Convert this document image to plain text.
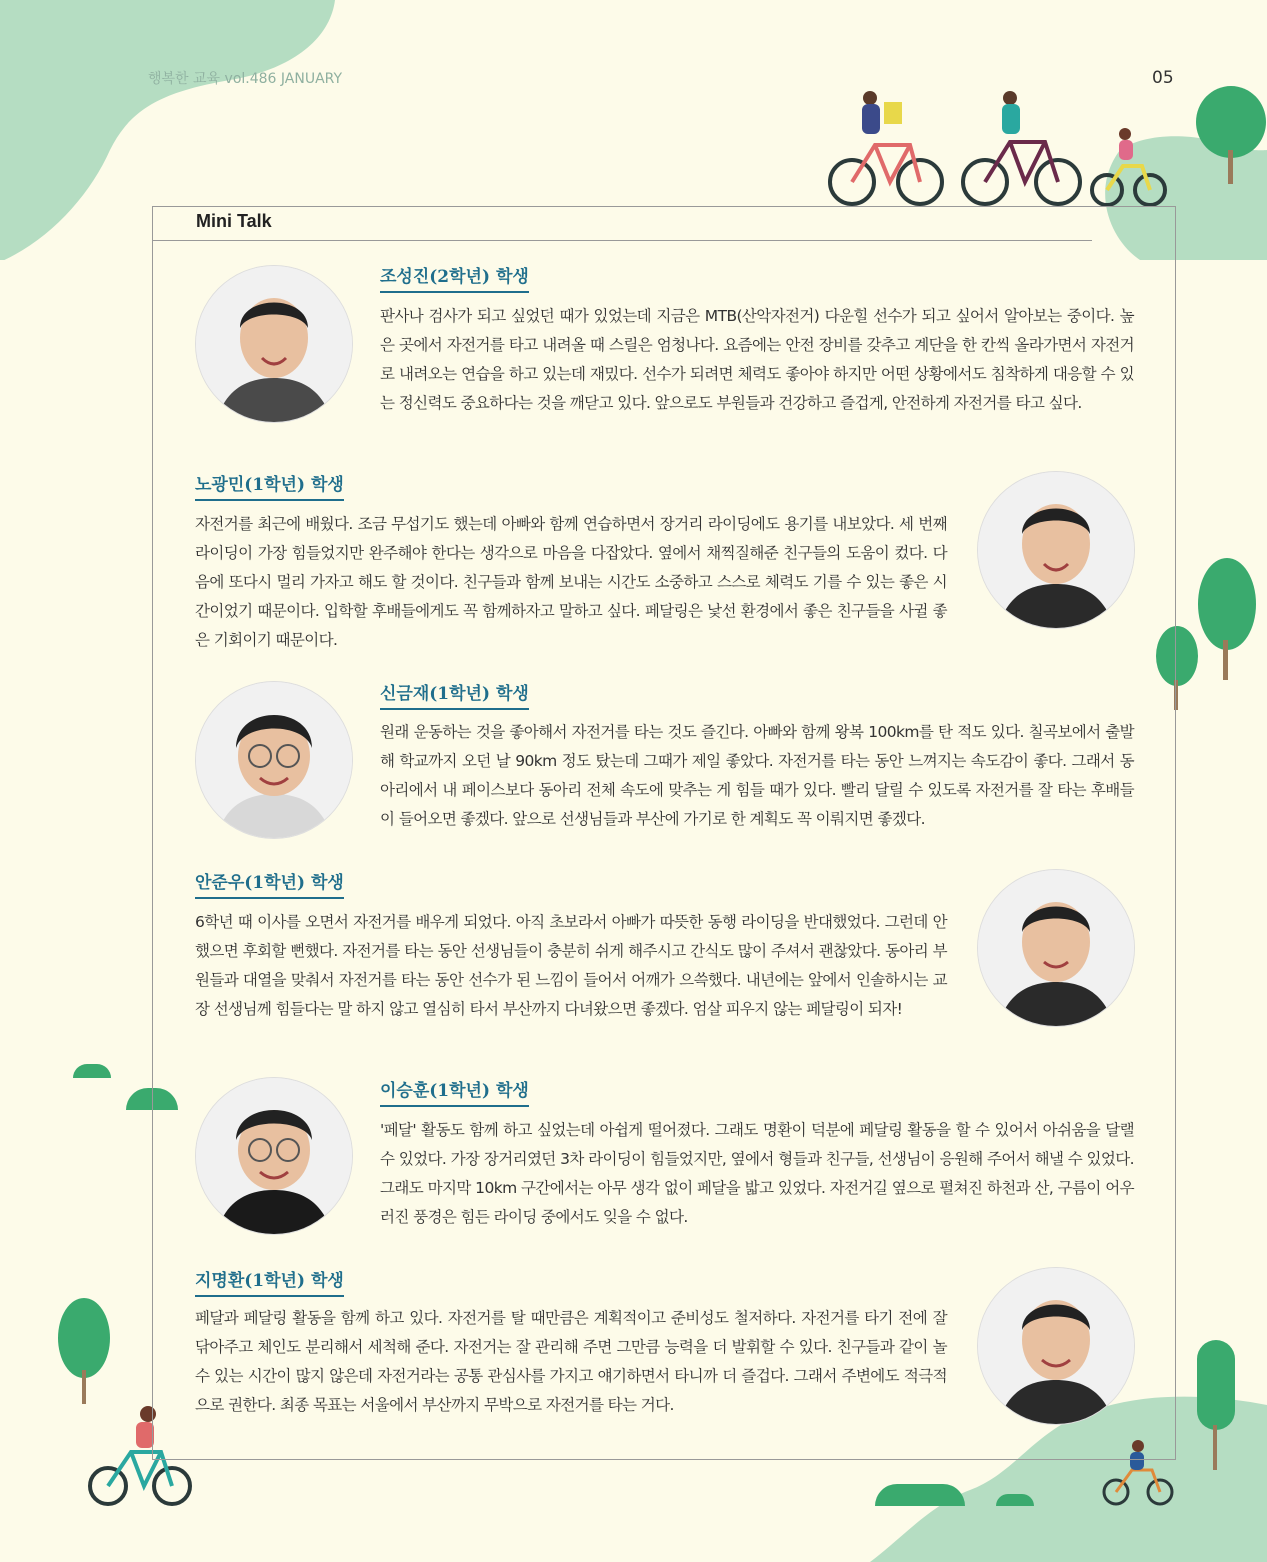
행복한 교육 vol.486 JANUARY	05
Mini Talk
조성진(2학년) 학생
판사나 검사가 되고 싶었던 때가 있었는데 지금은 MTB(산악자전거) 다운힐 선수가 되고 싶어서 알아보는 중이다. 높은 곳에서 자전거를 타고 내려올 때 스릴은 엄청나다. 요즘에는 안전 장비를 갖추고 계단을 한 칸씩 올라가면서 자전거로 내려오는 연습을 하고 있는데 재밌다. 선수가 되려면 체력도 좋아야 하지만 어떤 상황에서도 침착하게 대응할 수 있는 정신력도 중요하다는 것을 깨닫고 있다. 앞으로도 부원들과 건강하고 즐겁게, 안전하게 자전거를 타고 싶다.
노광민(1학년) 학생
자전거를 최근에 배웠다. 조금 무섭기도 했는데 아빠와 함께 연습하면서 장거리 라이딩에도 용기를 내보았다. 세 번째 라이딩이 가장 힘들었지만 완주해야 한다는 생각으로 마음을 다잡았다. 옆에서 채찍질해준 친구들의 도움이 컸다. 다음에 또다시 멀리 가자고 해도 할 것이다. 친구들과 함께 보내는 시간도 소중하고 스스로 체력도 기를 수 있는 좋은 시간이었기 때문이다. 입학할 후배들에게도 꼭 함께하자고 말하고 싶다. 페달링은 낯선 환경에서 좋은 친구들을 사귈 좋은 기회이기 때문이다.
신금재(1학년) 학생
원래 운동하는 것을 좋아해서 자전거를 타는 것도 즐긴다. 아빠와 함께 왕복 100km를 탄 적도 있다. 칠곡보에서 출발해 학교까지 오던 날 90km 정도 탔는데 그때가 제일 좋았다. 자전거를 타는 동안 느껴지는 속도감이 좋다. 그래서 동아리에서 내 페이스보다 동아리 전체 속도에 맞추는 게 힘들 때가 있다. 빨리 달릴 수 있도록 자전거를 잘 타는 후배들이 들어오면 좋겠다. 앞으로 선생님들과 부산에 가기로 한 계획도 꼭 이뤄지면 좋겠다.
안준우(1학년) 학생
6학년 때 이사를 오면서 자전거를 배우게 되었다. 아직 초보라서 아빠가 따뜻한 동행 라이딩을 반대했었다. 그런데 안 했으면 후회할 뻔했다. 자전거를 타는 동안 선생님들이 충분히 쉬게 해주시고 간식도 많이 주셔서 괜찮았다. 동아리 부원들과 대열을 맞춰서 자전거를 타는 동안 선수가 된 느낌이 들어서 어깨가 으쓱했다. 내년에는 앞에서 인솔하시는 교장 선생님께 힘들다는 말 하지 않고 열심히 타서 부산까지 다녀왔으면 좋겠다. 엄살 피우지 않는 페달링이 되자!
이승훈(1학년) 학생
'페달' 활동도 함께 하고 싶었는데 아쉽게 떨어졌다. 그래도 명환이 덕분에 페달링 활동을 할 수 있어서 아쉬움을 달랠 수 있었다. 가장 장거리였던 3차 라이딩이 힘들었지만, 옆에서 형들과 친구들, 선생님이 응원해 주어서 해낼 수 있었다. 그래도 마지막 10km 구간에서는 아무 생각 없이 페달을 밟고 있었다. 자전거길 옆으로 펼쳐진 하천과 산, 구름이 어우러진 풍경은 힘든 라이딩 중에서도 잊을 수 없다.
지명환(1학년) 학생
페달과 페달링 활동을 함께 하고 있다. 자전거를 탈 때만큼은 계획적이고 준비성도 철저하다. 자전거를 타기 전에 잘 닦아주고 체인도 분리해서 세척해 준다. 자전거는 잘 관리해 주면 그만큼 능력을 더 발휘할 수 있다. 친구들과 같이 놀 수 있는 시간이 많지 않은데 자전거라는 공통 관심사를 가지고 얘기하면서 타니까 더 즐겁다. 그래서 주변에도 적극적으로 권한다. 최종 목표는 서울에서 부산까지 무박으로 자전거를 타는 거다.
